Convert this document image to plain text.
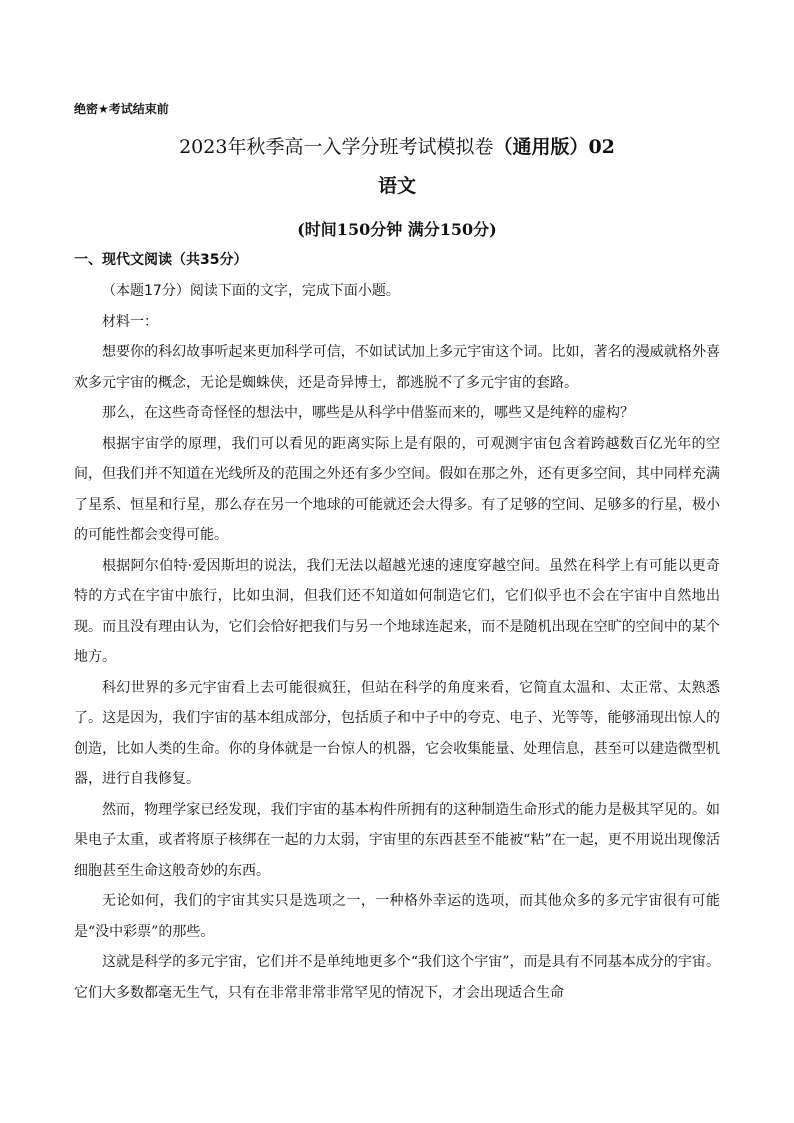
绝密★考试结束前
2023年秋季高一入学分班考试模拟卷（通用版）02
语文
(时间150分钟 满分150分)
一、现代文阅读（共35分）

（本题17分）阅读下面的文字，完成下面小题。

材料一：

想要你的科幻故事听起来更加科学可信，不如试试加上多元宇宙这个词。比如，著名的漫威就格外喜欢多元宇宙的概念，无论是蜘蛛侠，还是奇异博士，都逃脱不了多元宇宙的套路。

那么，在这些奇奇怪怪的想法中，哪些是从科学中借鉴而来的，哪些又是纯粹的虚构？

根据宇宙学的原理，我们可以看见的距离实际上是有限的，可观测宇宙包含着跨越数百亿光年的空间，但我们并不知道在光线所及的范围之外还有多少空间。假如在那之外，还有更多空间，其中同样充满了星系、恒星和行星，那么存在另一个地球的可能就还会大得多。有了足够的空间、足够多的行星，极小的可能性都会变得可能。

根据阿尔伯特·爱因斯坦的说法，我们无法以超越光速的速度穿越空间。虽然在科学上有可能以更奇特的方式在宇宙中旅行，比如虫洞，但我们还不知道如何制造它们，它们似乎也不会在宇宙中自然地出现。而且没有理由认为，它们会恰好把我们与另一个地球连起来，而不是随机出现在空旷的空间中的某个地方。

科幻世界的多元宇宙看上去可能很疯狂，但站在科学的角度来看，它简直太温和、太正常、太熟悉了。这是因为，我们宇宙的基本组成部分，包括质子和中子中的夸克、电子、光等等，能够涌现出惊人的创造，比如人类的生命。你的身体就是一台惊人的机器，它会收集能量、处理信息，甚至可以建造微型机器，进行自我修复。

然而，物理学家已经发现，我们宇宙的基本构件所拥有的这种制造生命形式的能力是极其罕见的。如果电子太重，或者将原子核绑在一起的力太弱，宇宙里的东西甚至不能被“粘”在一起，更不用说出现像活细胞甚至生命这般奇妙的东西。

无论如何，我们的宇宙其实只是选项之一，一种格外幸运的选项，而其他众多的多元宇宙很有可能是“没中彩票”的那些。

这就是科学的多元宇宙，它们并不是单纯地更多个“我们这个宇宙”，而是具有不同基本成分的宇宙。它们大多数都毫无生气，只有在非常非常非常罕见的情况下，才会出现适合生命
